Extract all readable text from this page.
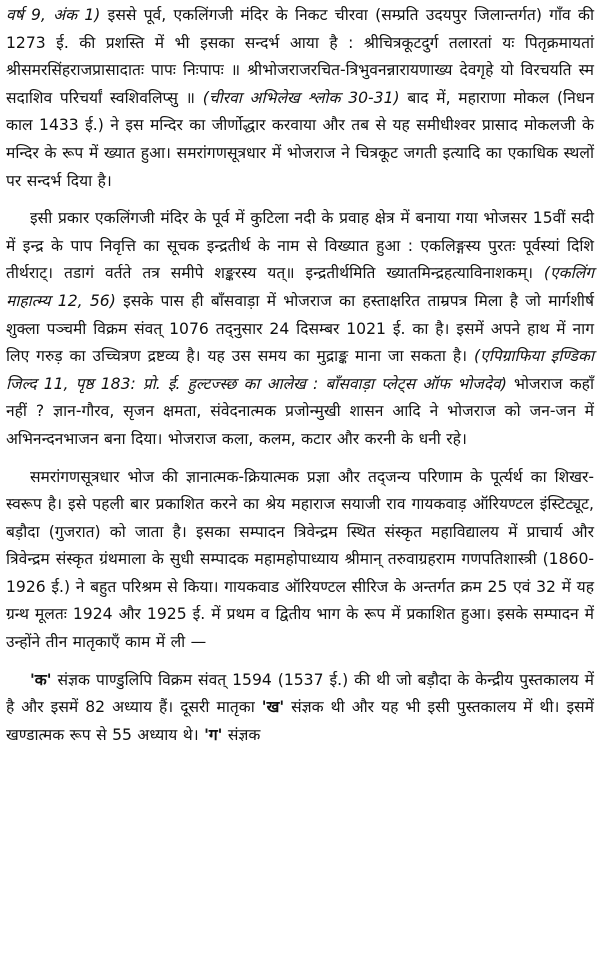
वर्ष 9, अंक 1) इससे पूर्व, एकलिंगजी मंदिर के निकट चीरवा (सम्प्रति उदयपुर जिलान्तर्गत) गाँव की 1273 ई. की प्रशस्ति में भी इसका सन्दर्भ आया है : श्रीचित्रकूटदुर्ग तलारतां यः पितृक्रमायतां श्रीसमरसिंहराजप्रासादातः पापः निःपापः ॥ श्रीभोजराजरचित-त्रिभुवनन्नारायणाख्य देवगृहे यो विरचयति स्म सदाशिव परिचर्यां स्वशिवलिप्सु ॥ (चीरवा अभिलेख श्लोक 30-31) बाद में, महाराणा मोकल (निधन काल 1433 ई.) ने इस मन्दिर का जीर्णोद्धार करवाया और तब से यह समीधीश्वर प्रासाद मोकलजी के मन्दिर के रूप में ख्यात हुआ। समरांगणसूत्रधार में भोजराज ने चित्रकूट जगती इत्यादि का एकाधिक स्थलों पर सन्दर्भ दिया है।

इसी प्रकार एकलिंगजी मंदिर के पूर्व में कुटिला नदी के प्रवाह क्षेत्र में बनाया गया भोजसर 15वीं सदी में इन्द्र के पाप निवृत्ति का सूचक इन्द्रतीर्थ के नाम से विख्यात हुआ : एकलिङ्गस्य पुरतः पूर्वस्यां दिशि तीर्थराट्। तडागं वर्तते तत्र समीपे शङ्करस्य यत्॥ इन्द्रतीर्थमिति ख्यातमिन्द्रहत्याविनाशकम्। (एकलिंग माहात्म्य 12, 56) इसके पास ही बाँसवाड़ा में भोजराज का हस्ताक्षरित ताम्रपत्र मिला है जो मार्गशीर्ष शुक्ला पञ्चमी विक्रम संवत् 1076 तद्नुसार 24 दिसम्बर 1021 ई. का है। इसमें अपने हाथ में नाग लिए गरुड़ का उच्चित्रण द्रष्टव्य है। यह उस समय का मुद्राङ्क माना जा सकता है। (एपिग्राफिया इण्डिका जिल्द 11, पृष्ठ 183: प्रो. ई. हुल्टज्स्छ का आलेख : बाँसवाड़ा प्लेट्स ऑफ भोजदेव) भोजराज कहाँ नहीं ? ज्ञान-गौरव, सृजन क्षमता, संवेदनात्मक प्रजोन्मुखी शासन आदि ने भोजराज को जन-जन में अभिनन्दनभाजन बना दिया। भोजराज कला, कलम, कटार और करनी के धनी रहे।

समरांगणसूत्रधार भोज की ज्ञानात्मक-क्रियात्मक प्रज्ञा और तद्जन्य परिणाम के पूर्त्यर्थ का शिखर-स्वरूप है। इसे पहली बार प्रकाशित करने का श्रेय महाराज सयाजी राव गायकवाड़ ऑरियण्टल इंस्टिट्यूट, बड़ौदा (गुजरात) को जाता है। इसका सम्पादन त्रिवेन्द्रम स्थित संस्कृत महाविद्यालय में प्राचार्य और त्रिवेन्द्रम संस्कृत ग्रंथमाला के सुधी सम्पादक महामहोपाध्याय श्रीमान् तरुवाग्रहराम गणपतिशास्त्री (1860-1926 ई.) ने बहुत परिश्रम से किया। गायकवाड ऑरियण्टल सीरिज के अन्तर्गत क्रम 25 एवं 32 में यह ग्रन्थ मूलतः 1924 और 1925 ई. में प्रथम व द्वितीय भाग के रूप में प्रकाशित हुआ। इसके सम्पादन में उन्होंने तीन मातृकाएँ काम में ली —

'क' संज्ञक पाण्डुलिपि विक्रम संवत् 1594 (1537 ई.) की थी जो बड़ौदा के केन्द्रीय पुस्तकालय में है और इसमें 82 अध्याय हैं। दूसरी मातृका 'ख' संज्ञक थी और यह भी इसी पुस्तकालय में थी। इसमें खण्डात्मक रूप से 55 अध्याय थे। 'ग' संज्ञक
